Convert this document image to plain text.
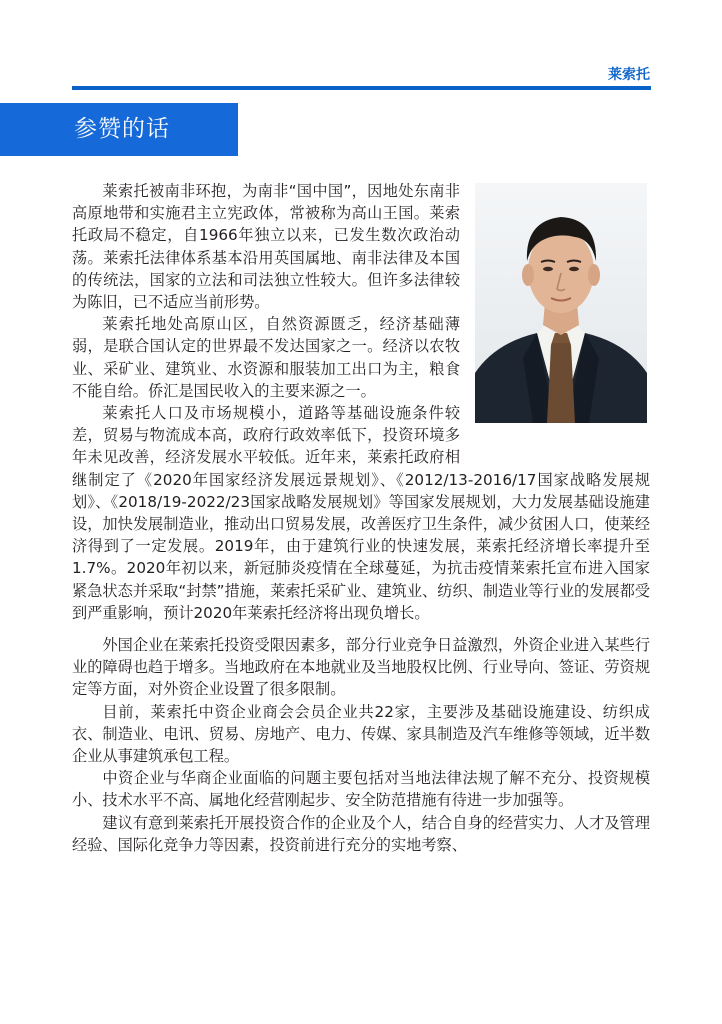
莱索托
参赞的话

莱索托被南非环抱，为南非“国中国”，因地处东南非高原地带和实施君主立宪政体，常被称为高山王国。莱索托政局不稳定，自1966年独立以来，已发生数次政治动荡。莱索托法律体系基本沿用英国属地、南非法律及本国的传统法，国家的立法和司法独立性较大。但许多法律较为陈旧，已不适应当前形势。

莱索托地处高原山区，自然资源匮乏，经济基础薄弱，是联合国认定的世界最不发达国家之一。经济以农牧业、采矿业、建筑业、水资源和服装加工出口为主，粮食不能自给。侨汇是国民收入的主要来源之一。

莱索托人口及市场规模小，道路等基础设施条件较差，贸易与物流成本高，政府行政效率低下，投资环境多年未见改善，经济发展水平较低。近年来，莱索托政府相继制定了《2020年国家经济发展远景规划》、《2012/13-2016/17国家战略发展规划》、《2018/19-2022/23国家战略发展规划》等国家发展规划，大力发展基础设施建设，加快发展制造业，推动出口贸易发展，改善医疗卫生条件，减少贫困人口，使莱经济得到了一定发展。2019年，由于建筑行业的快速发展，莱索托经济增长率提升至1.7%。2020年初以来，新冠肺炎疫情在全球蔓延，为抗击疫情莱索托宣布进入国家紧急状态并采取“封禁”措施，莱索托采矿业、建筑业、纺织、制造业等行业的发展都受到严重影响，预计2020年莱索托经济将出现负增长。

外国企业在莱索托投资受限因素多，部分行业竞争日益激烈，外资企业进入某些行业的障碍也趋于增多。当地政府在本地就业及当地股权比例、行业导向、签证、劳资规定等方面，对外资企业设置了很多限制。

目前，莱索托中资企业商会会员企业共22家，主要涉及基础设施建设、纺织成衣、制造业、电讯、贸易、房地产、电力、传媒、家具制造及汽车维修等领域，近半数企业从事建筑承包工程。

中资企业与华商企业面临的问题主要包括对当地法律法规了解不充分、投资规模小、技术水平不高、属地化经营刚起步、安全防范措施有待进一步加强等。

建议有意到莱索托开展投资合作的企业及个人，结合自身的经营实力、人才及管理经验、国际化竞争力等因素，投资前进行充分的实地考察、
